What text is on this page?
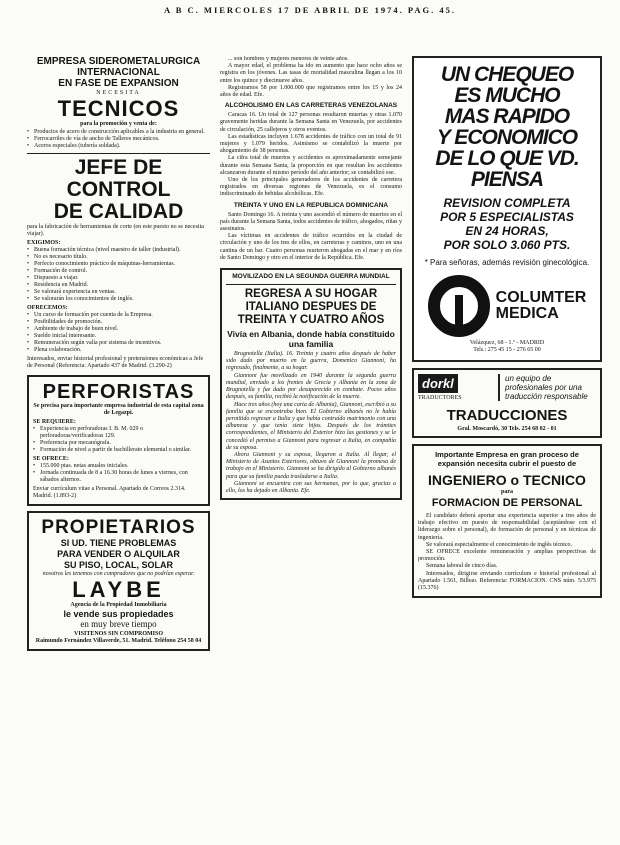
A B C. MIERCOLES 17 DE ABRIL DE 1974. PAG. 45.
EMPRESA SIDEROMETALURGICA
INTERNACIONAL
EN FASE DE EXPANSION
NECESITA
TECNICOS
para la promoción y venta de:
• Productos de acero de construcción aplicables a la industria en general.
• Ferrocarriles de vía de ancho de Talleres mecánicos.
• Aceros especiales (tubería soldada).
JEFE DE CONTROL
DE CALIDAD
para la fabricación de herramientas de corte (en este puesto no se necesita viajar).
EXIGIMOS:
• Buena formación técnica (nivel maestro de taller (industrial).
• No es necesario título.
• Perfecto conocimiento práctico de máquinas-herramientas.
• Formación de control.
• Dispuesto a viajar.
• Residencia en Madrid.
• Se valorará experiencia en ventas.
• Se valorarán los conocimientos de inglés.
OFRECEMOS:
• Un curso de formación por cuenta de la Empresa.
• Posibilidades de promoción.
• Ambiente de trabajo de buen nivel.
• Sueldo inicial interesante.
• Remuneración según valía por sistema de incentivos.
• Plena colaboración.
Interesados, enviar historial profesional y pretensiones económicas a Jefe de Personal (Referencia: Apartado 437 de Madrid. (3.290-2)
PERFORISTAS
Se precisa para importante empresa industrial de esta capital zona de Legazpi.
SE REQUIERE:
• Experiencia en perforadoras I. B. M. 029 o perforadoras/verificadoras 129.
• Preferencia por mecanógrafa.
• Formación de nivel a partir de bachillerato elemental o similar.
SE OFRECE:
• 155.000 ptas. netas anuales iniciales.
• Jornada continuada de 8 a 16.30 horas de lunes a viernes, con sábados alternos.
Enviar currículum vitae a Personal. Apartado de Correos 2.314. Madrid. (1.893-2)
PROPIETARIOS
SI UD. TIENE PROBLEMAS
PARA VENDER O ALQUILAR
SU PISO, LOCAL, SOLAR
nosotros les tenemos con compradores que no podrían esperar.
LAYBE
Agencia de la Propiedad Inmobiliaria
le vende sus propiedades
en muy breve tiempo
VISITENOS SIN COMPROMISO
Raimundo Fernández Villaverde, 51. Madrid. Teléfono 254 58 04

... son hombres y mujeres menores de veinte años.

A mayor edad, el problema ha ido en aumento que hace ocho años se registra en los jóvenes. Las tasas de mortalidad masculina llegan a los 10 entre los quince y diecinueve años.

Registramos 58 por 1.000.000 que registramos entre los 15 y los 24 años de edad. Efe.

ALCOHOLISMO EN LAS CARRETERAS VENEZOLANAS

Caracas 16. Un total de 127 personas resultaron muertas y otras 1.070 gravemente heridas durante la Semana Santa en Venezuela, por accidentes de circulación, 25 callejeros y otros eventos.

Las estadísticas incluyen 1.678 accidentes de tráfico con un total de 91 mujeres y 1.079 heridos. Asimismo se contabilizó la muerte por ahogamiento de 38 personas.

La cifra total de muertos y accidentes es aproximadamente semejante durante esta Semana Santa, la proporción en que resultan los accidentes alcanzaron durante el mismo período del año anterior; se contabilizó ese.

Uno de los principales generadores de los accidentes de carretera registrados en diversas regiones de Venezuela, es el consumo indiscriminado de bebidas alcohólicas. Efe.

TREINTA Y UNO EN LA REPUBLICA DOMINICANA

Santo Domingo 16. A treinta y uno ascendió el número de muertos en el país durante la Semana Santa, todos accidentes de tráfico, ahogados, riñas y asesinatos.

Las víctimas en accidentes de tráfico ocurridos en la ciudad de circulación y uno de los tres de ellos, en carreteras y caminos, uno en una cantina de un bar. Cuatro personas murieron ahogadas en el mar y en ríos de Santo Domingo y otro en el interior de la República. Efe.

MOVILIZADO EN LA SEGUNDA GUERRA MUNDIAL
REGRESA A SU HOGAR ITALIANO DESPUES DE TREINTA Y CUATRO AÑOS
Vivía en Albania, donde había constituido una familia

Brugnotella (Italia). 16. Treinta y cuatro años después de haber sido dado por muerto en la guerra, Domenico Giannoni, ha regresado, finalmente, a su hogar.

Giannoni fue movilizado en 1940 durante la segunda guerra mundial, enviado a los frentes de Grecia y Albania en la zona de Brugnotella y fue dado por desaparecido en combate. Pocos años después, su familia, recibió la notificación de la muerte.

Hace tres años (hoy una carta de Albania), Giannoni, escribió a su familia que se encontraba bien. El Gobierno albanés no le había permitido regresar a Italia y que había contraído matrimonio con una albanesa y que tenía siete hijos. Después de los trámites correspondientes, el Ministerio del Exterior hizo las gestiones y se le concedió el permiso a Giannoni para regresar a Italia, en compañía de su esposa.

Ahora Giannoni y su esposa, llegaron a Italia. Al llegar, el Ministerio de Asuntos Exteriores, obtuvo de Giannoni la promesa de trabajo en el Ministerio. Giannoni se ha dirigido al Gobierno albanés para que su familia pueda trasladarse a Italia.

Giannoni se encuentra con sus hermanas, por lo que, gracias a ello, los ha dejado en Albania. Efe.

UN CHEQUEO
ES MUCHO
MAS RAPIDO
Y ECONOMICO
DE LO QUE VD.
PIENSA
REVISION COMPLETA
POR 5 ESPECIALISTAS
EN 24 HORAS,
POR SOLO 3.060 PTS.
* Para señoras, además revisión ginecológica.
COLUMTER
MEDICA
Velázquez, 68 - 1.º - MADRID
Tels.: 275 45 15 - 276 65 00
dorkl
TRADUCTORES
un equipo de profesionales por una traducción responsable
TRADUCCIONES
Gral. Moscardó, 30 Tels. 254 68 02 - 01
Importante Empresa en gran proceso de expansión necesita cubrir el puesto de
INGENIERO o TECNICO
para
FORMACION DE PERSONAL

El candidato deberá aportar una experiencia superior a tres años de trabajo efectivo en puesto de responsabilidad (aceptándose con el liderazgo sobre el personal), de formación de personal y en técnicas de ingeniería.

Se valorará especialmente el conocimiento de inglés técnico.

SE OFRECE excelente remuneración y amplias perspectivas de promoción.

Semana laboral de cinco días.

Interesados, dirigirse enviando currículum e historial profesional al Apartado 1.561, Bilbao. Referencia: FORMACION. CNS núm. 5/3.975 (15.376)
